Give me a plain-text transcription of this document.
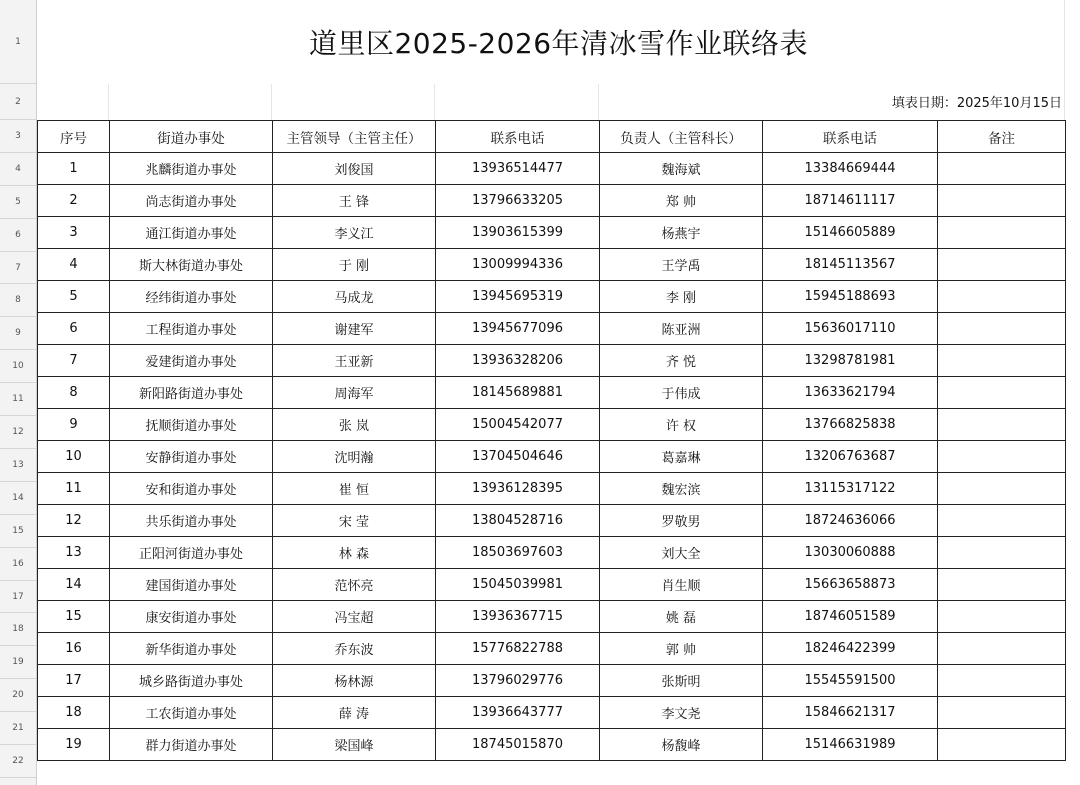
1
2
3
4
5
6
7
8
9
10
11
12
13
14
15
16
17
18
19
20
21
22
道里区2025-2026年清冰雪作业联络表
填表日期：2025年10月15日
序号	街道办事处	主管领导（主管主任）	联系电话	负责人（主管科长）	联系电话	备注
1	兆麟街道办事处	刘俊国	13936514477	魏海斌	13384669444	
2	尚志街道办事处	王 锋	13796633205	郑 帅	18714611117	
3	通江街道办事处	李义江	13903615399	杨燕宇	15146605889	
4	斯大林街道办事处	于 刚	13009994336	王学禹	18145113567	
5	经纬街道办事处	马成龙	13945695319	李 刚	15945188693	
6	工程街道办事处	谢建军	13945677096	陈亚洲	15636017110	
7	爱建街道办事处	王亚新	13936328206	齐 悦	13298781981	
8	新阳路街道办事处	周海军	18145689881	于伟成	13633621794	
9	抚顺街道办事处	张 岚	15004542077	许 权	13766825838	
10	安静街道办事处	沈明瀚	13704504646	葛嘉琳	13206763687	
11	安和街道办事处	崔 恒	13936128395	魏宏滨	13115317122	
12	共乐街道办事处	宋 莹	13804528716	罗敬男	18724636066	
13	正阳河街道办事处	林 森	18503697603	刘大全	13030060888	
14	建国街道办事处	范怀亮	15045039981	肖生顺	15663658873	
15	康安街道办事处	冯宝超	13936367715	姚 磊	18746051589	
16	新华街道办事处	乔东波	15776822788	郭 帅	18246422399	
17	城乡路街道办事处	杨林源	13796029776	张斯明	15545591500	
18	工农街道办事处	薛 涛	13936643777	李文尧	15846621317	
19	群力街道办事处	梁国峰	18745015870	杨馥峰	15146631989	
